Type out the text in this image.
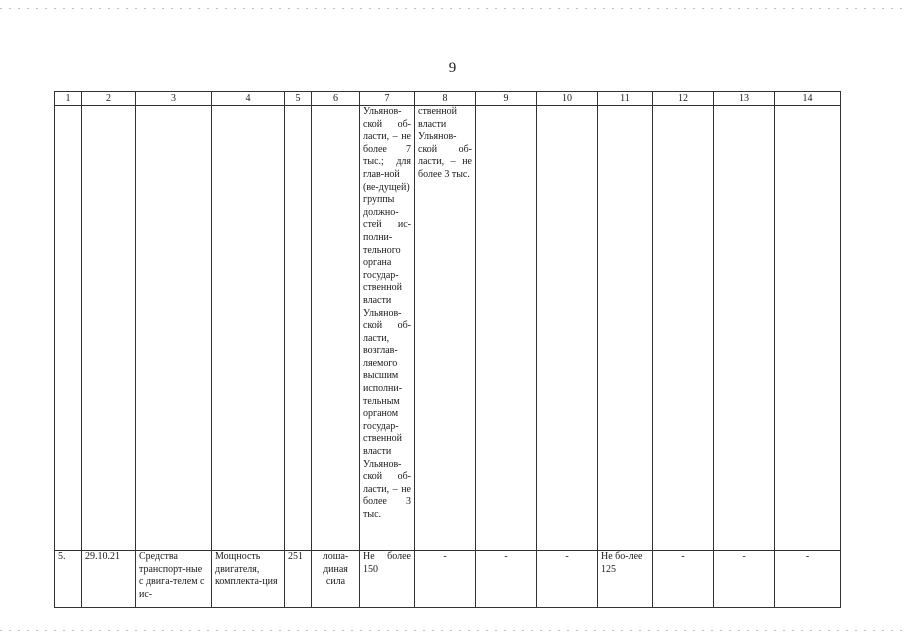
9
1	2	3	4	5	6	7	8	9	10	11	12	13	14
						Ульянов-ской об-ласти, – не более 7 тыс.; для глав-ной (ве-дущей) группы должно-стей ис-полни-тельного органа государ-ственной власти Ульянов-ской об-ласти, возглав-ляемого высшим исполни-тельным органом государ-ственной власти Ульянов-ской об-ласти, – не более 3 тыс.	ственной власти Ульянов-ской об-ласти, – не более 3 тыс.						
5.	29.10.21	Средства транспорт-ные с двига-телем с ис-	Мощность двигателя, комплекта-ция	251	лоша-диная сила	Не более 150	-	-	-	Не бо-лее 125	-	-	-
